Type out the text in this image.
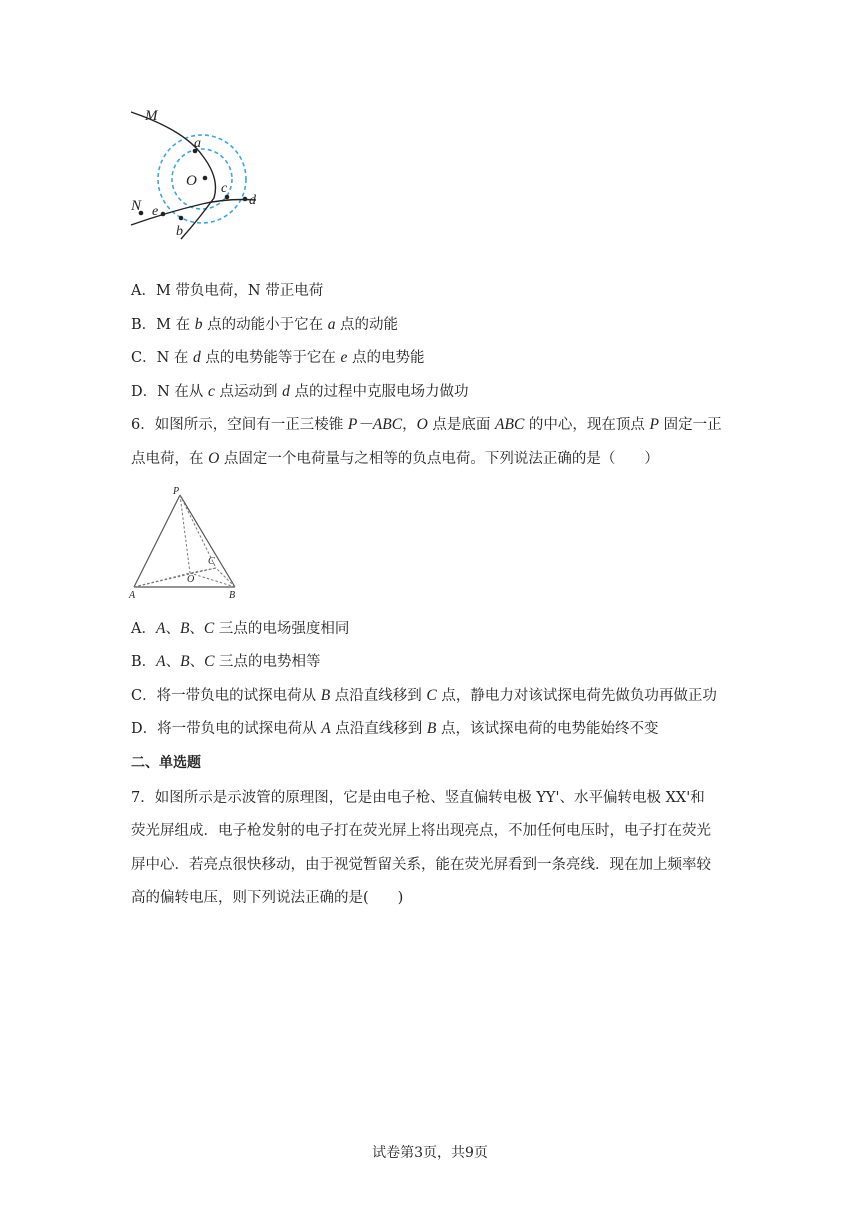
M
a
O c
d
N e
b
A．M 带负电荷，N 带正电荷
B．M 在 b 点的动能小于它在 a 点的动能
C．N 在 d 点的电势能等于它在 e 点的电势能
D．N 在从 c 点运动到 d 点的过程中克服电场力做功
6．如图所示，空间有一正三棱锥 P－ABC，O 点是底面 ABC 的中心，现在顶点 P 固定一正
点电荷，在 O 点固定一个电荷量与之相等的负点电荷。下列说法正确的是（　　）
P
A	B
C
O
A．A、B、C 三点的电场强度相同
B．A、B、C 三点的电势相等
C．将一带负电的试探电荷从 B 点沿直线移到 C 点，静电力对该试探电荷先做负功再做正功
D．将一带负电的试探电荷从 A 点沿直线移到 B 点，该试探电荷的电势能始终不变
二、单选题
7．如图所示是示波管的原理图，它是由电子枪、竖直偏转电极 YY'、水平偏转电极 XX'和
荧光屏组成．电子枪发射的电子打在荧光屏上将出现亮点，不加任何电压时，电子打在荧光
屏中心．若亮点很快移动，由于视觉暂留关系，能在荧光屏看到一条亮线．现在加上频率较
高的偏转电压，则下列说法正确的是(　　)
试卷第3页，共9页
